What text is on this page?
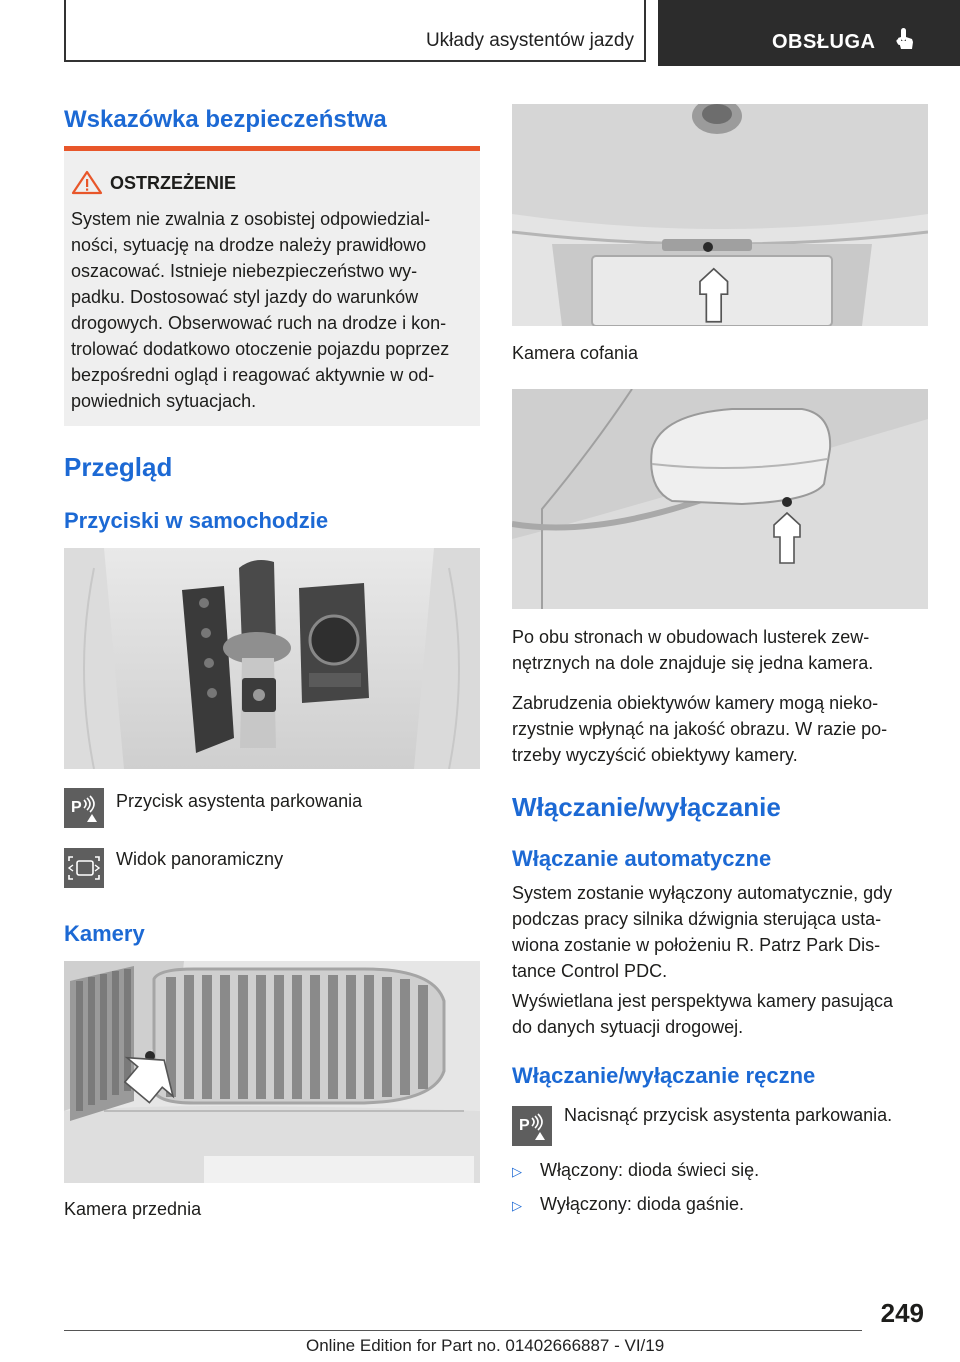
Układy asystentów jazdy	OBSŁUGA
Wskazówka bezpieczeństwa
OSTRZEŻENIE
System nie zwalnia z osobistej odpowiedzial-
ności, sytuację na drodze należy prawidłowo
oszacować. Istnieje niebezpieczeństwo wy-
padku. Dostosować styl jazdy do warunków
drogowych. Obserwować ruch na drodze i kon-
trolować dodatkowo otoczenie pojazdu poprzez
bezpośredni ogląd i reagować aktywnie w od-
powiednich sytuacjach.
Przegląd
Przyciski w samochodzie
P Przycisk asystenta parkowania
Widok panoramiczny
Kamery
Kamera przednia
Kamera cofania
Po obu stronach w obudowach lusterek zew-
nętrznych na dole znajduje się jedna kamera.
Zabrudzenia obiektywów kamery mogą nieko-
rzystnie wpłynąć na jakość obrazu. W razie po-
trzeby wyczyścić obiektywy kamery.
Włączanie/wyłączanie
Włączanie automatyczne
System zostanie wyłączony automatycznie, gdy
podczas pracy silnika dźwignia sterująca usta-
wiona zostanie w położeniu R. Patrz Park Dis-
tance Control PDC.
Wyświetlana jest perspektywa kamery pasująca
do danych sytuacji drogowej.
Włączanie/wyłączanie ręczne
P
Nacisnąć przycisk asystenta parkowania.
▷ Włączony: dioda świeci się.
▷ Wyłączony: dioda gaśnie.
249
Online Edition for Part no. 01402666887 - VI/19
